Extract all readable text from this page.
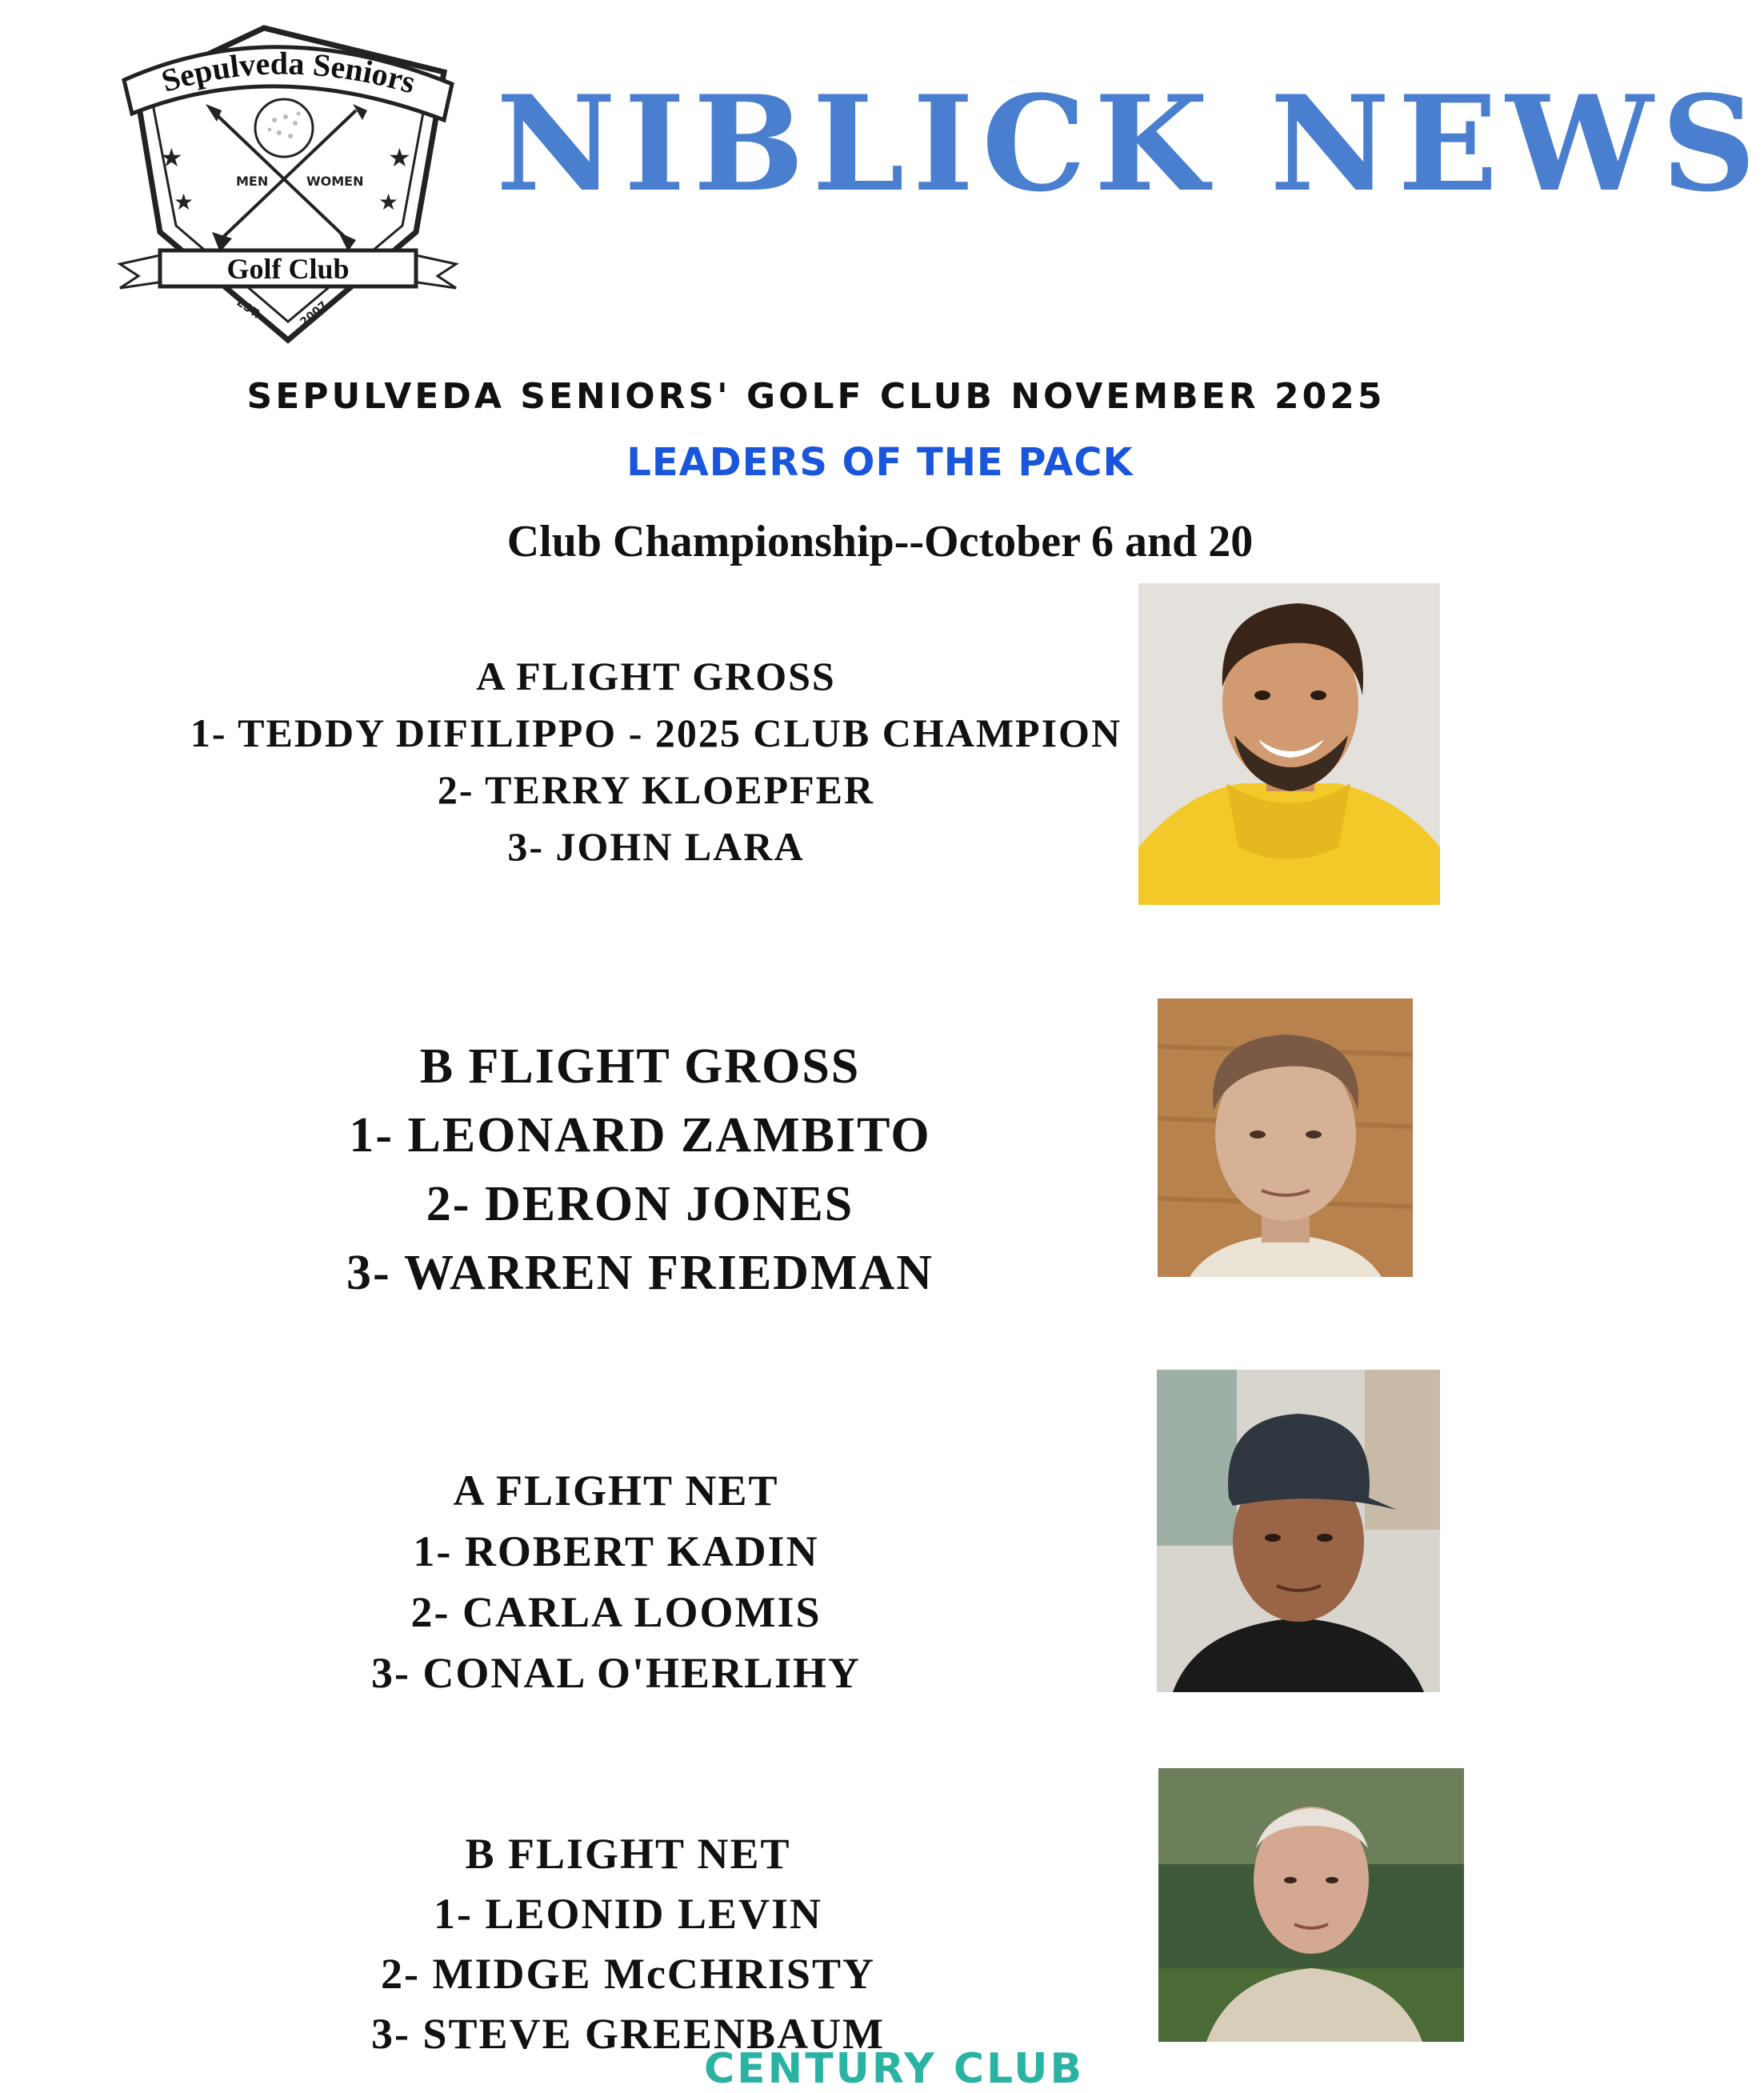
Sepulveda Seniors
MEN	WOMEN
★	★
★	★
Golf Club
EST.	2007
NIBLICK NEWS
SEPULVEDA SENIORS' GOLF CLUB NOVEMBER 2025
LEADERS OF THE PACK
Club Championship--October 6 and 20
A FLIGHT GROSS
1- TEDDY DIFILIPPO - 2025 CLUB CHAMPION
2- TERRY KLOEPFER
3- JOHN LARA
B FLIGHT GROSS
1- LEONARD ZAMBITO
2- DERON JONES
3- WARREN FRIEDMAN
A FLIGHT NET
1- ROBERT KADIN
2- CARLA LOOMIS
3- CONAL O'HERLIHY
B FLIGHT NET
1- LEONID LEVIN
2- MIDGE McCHRISTY
3- STEVE GREENBAUM
CENTURY CLUB
